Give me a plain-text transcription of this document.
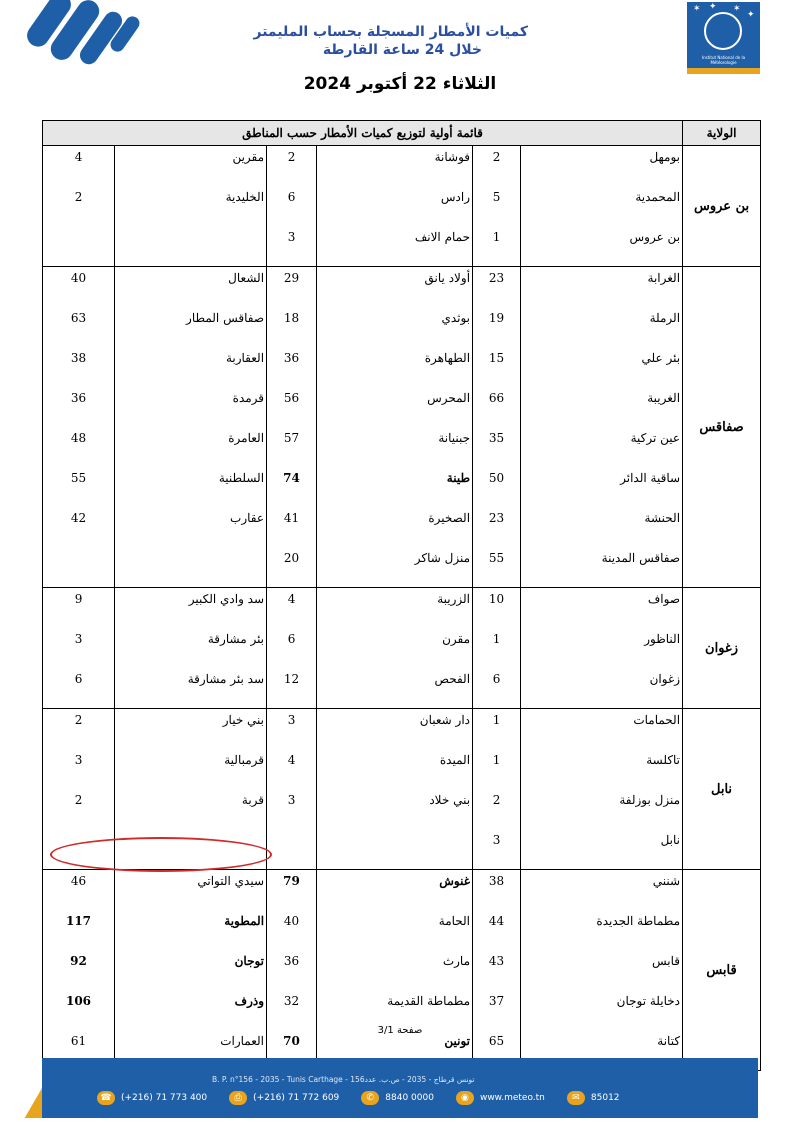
✶ ✦ ✶
✦
Institut National de la Météorologie
كميات الأمطار المسجلة بحساب المليمتر
خلال 24 ساعة القارطة
الثلاثاء 22 أكتوبر 2024
الولاية	قائمة أولية لتوزيع كميات الأمطار حسب المناطق					
بن عروس	بومهل	2	فوشانة	2	مقرين	4
	المحمدية	5	رادس	6	الخليدية	2
	بن عروس	1	حمام الانف	3		
صفاقس	الغرابة	23	أولاد يانق	29	الشعال	40
	الرملة	19	بوثدي	18	صفاقس المطار	63
	بئر علي	15	الطهاهرة	36	العقاربة	38
	الغريبة	66	المحرس	56	قرمدة	36
	عين تركية	35	جبنيانة	57	العامرة	48
	ساقية الدائر	50	طينة	74	السلطنية	55
	الحنشة	23	الصخيرة	41	عقارب	42
	صفاقس المدينة	55	منزل شاكر	20		
زغوان	صواف	10	الزريبة	4	سد وادي الكبير	9
	الناظور	1	مقرن	6	بئر مشارقة	3
	زغوان	6	الفحص	12	سد بئر مشارقة	6
نابل	الحمامات	1	دار شعبان	3	بني خيار	2
	تاكلسة	1	الميدة	4	قرمبالية	3
	منزل بوزلفة	2	بني خلاد	3	قربة	2
	نابل	3				
قابس	شنني	38	غنوش	79	سيدي التواتي	46
	مطماطة الجديدة	44	الحامة	40	المطوية	117
	قابس	43	مارث	36	توجان	92
	دخايلة توجان	37	مطماطة القديمة	32	وذرف	106
	كتانة	65	تونين	70	العمارات	61
صفحة 3/1
B. P. n°156 - 2035 - Tunis Carthage - تونس قرطاج - 2035 - ص.ب. عدد156
☎	(+216) 71 773 400	⎙	(+216) 71 772 609	✆	8840 0000	◉	www.meteo.tn	✉	85012
